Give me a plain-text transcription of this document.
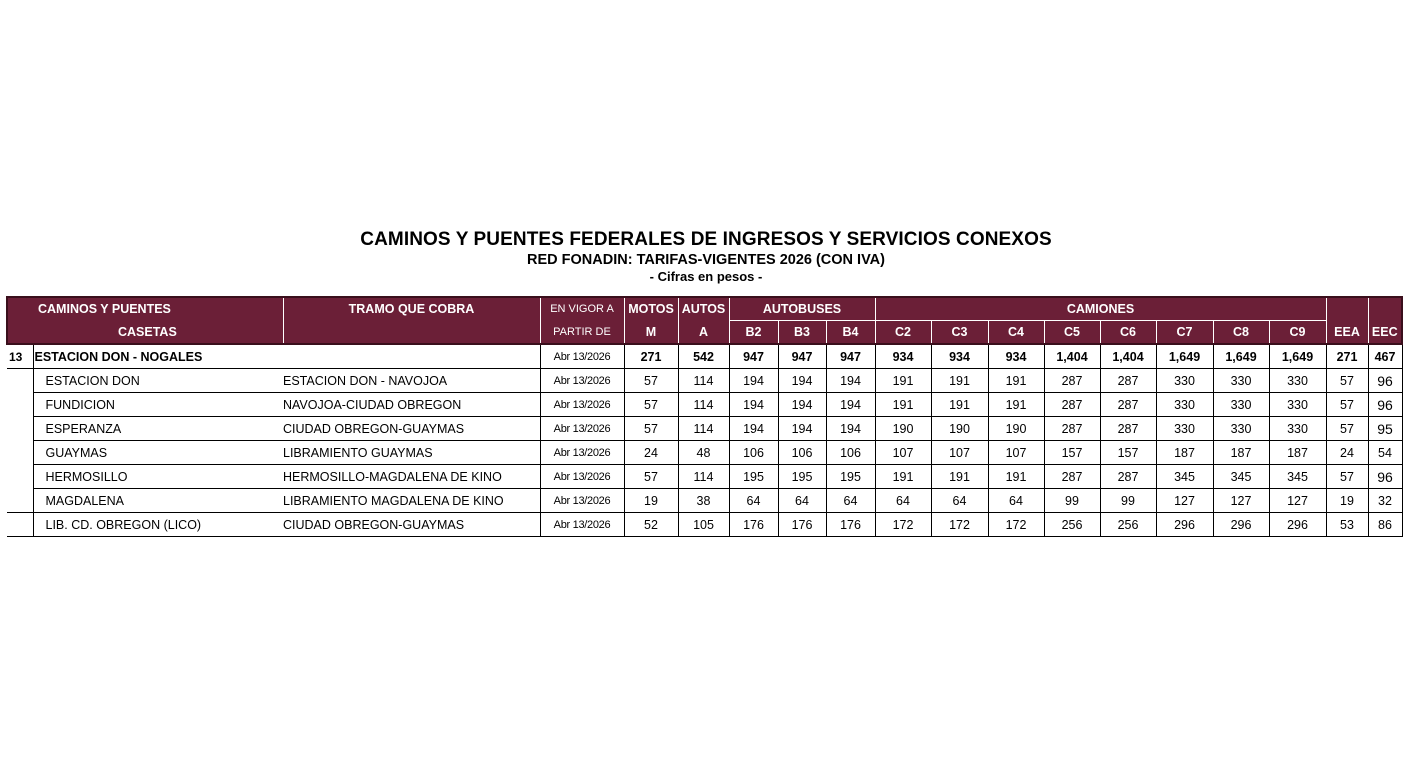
CAMINOS Y PUENTES FEDERALES DE INGRESOS Y SERVICIOS CONEXOS
RED FONADIN: TARIFAS-VIGENTES 2026 (CON IVA)
- Cifras en pesos -
CAMINOS Y PUENTES		TRAMO QUE COBRA	EN VIGOR A	MOTOS	AUTOS	AUTOBUSES			CAMIONES									
CASETAS			PARTIR DE	M	A	B2	B3	B4	C2	C3	C4	C5	C6	C7	C8	C9	EEA	EEC
13	ESTACION DON - NOGALES		Abr 13/2026	271	542	947	947	947	934	934	934	1,404	1,404	1,649	1,649	1,649	271	467
	ESTACION DON	ESTACION DON - NAVOJOA	Abr 13/2026	57	114	194	194	194	191	191	191	287	287	330	330	330	57	96
	FUNDICION	NAVOJOA-CIUDAD OBREGON	Abr 13/2026	57	114	194	194	194	191	191	191	287	287	330	330	330	57	96
	ESPERANZA	CIUDAD OBREGON-GUAYMAS	Abr 13/2026	57	114	194	194	194	190	190	190	287	287	330	330	330	57	95
	GUAYMAS	LIBRAMIENTO GUAYMAS	Abr 13/2026	24	48	106	106	106	107	107	107	157	157	187	187	187	24	54
	HERMOSILLO	HERMOSILLO-MAGDALENA DE KINO	Abr 13/2026	57	114	195	195	195	191	191	191	287	287	345	345	345	57	96
	MAGDALENA	LIBRAMIENTO MAGDALENA DE KINO	Abr 13/2026	19	38	64	64	64	64	64	64	99	99	127	127	127	19	32
	LIB. CD. OBREGON (LICO)	CIUDAD OBREGON-GUAYMAS	Abr 13/2026	52	105	176	176	176	172	172	172	256	256	296	296	296	53	86
